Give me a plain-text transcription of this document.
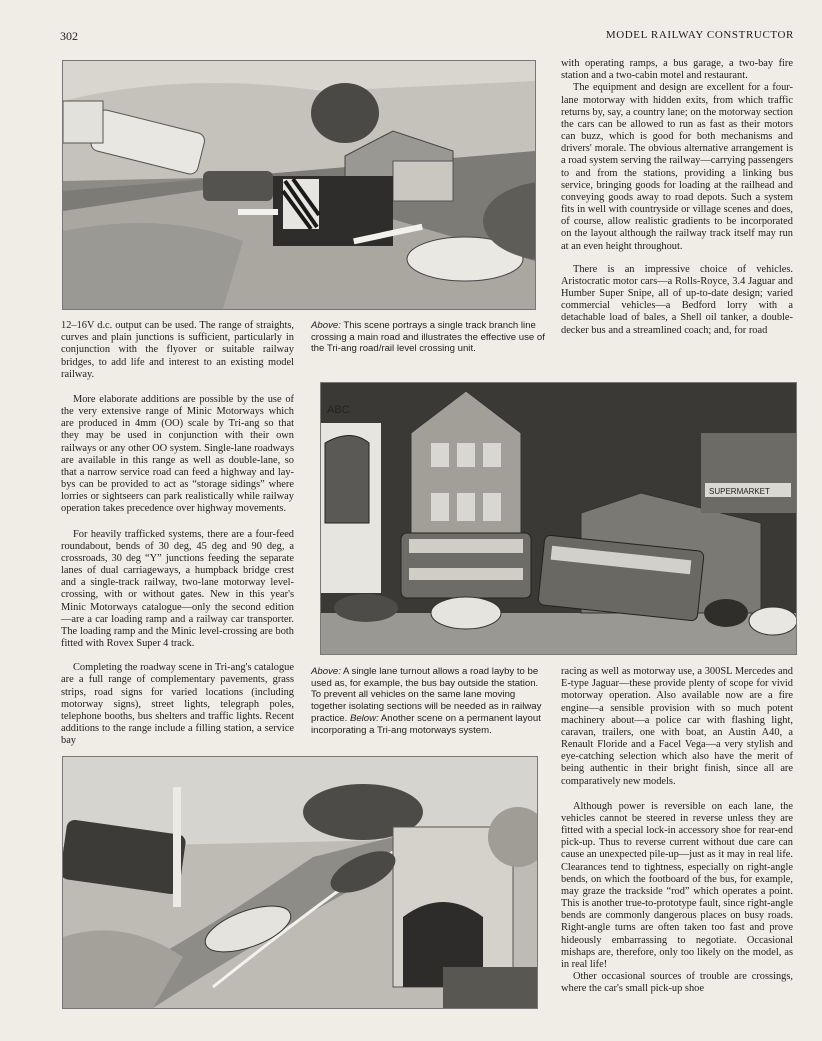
302	MODEL RAILWAY CONSTRUCTOR

with operating ramps, a bus garage, a two-bay fire station and a two-cabin motel and restaurant.

The equipment and design are excellent for a four-lane motorway with hidden exits, from which traffic returns by, say, a country lane; on the motorway section the cars can be allowed to run as fast as their motors can buzz, which is good for both mechanisms and drivers' morale. The obvious alternative arrangement is a road system serving the railway—carrying passengers to and from the stations, providing a linking bus service, bringing goods for loading at the railhead and conveying goods away to road depots. Such a system fits in well with countryside or village scenes and does, of course, allow realistic gradients to be incorporated on the layout although the railway track itself may run at an even height throughout.

There is an impressive choice of vehicles. Aristocratic motor cars—a Rolls-Royce, 3.4 Jaguar and Humber Super Snipe, all of up-to-date design; varied commercial vehicles—a Bedford lorry with a detachable load of bales, a Shell oil tanker, a double-decker bus and a streamlined coach; and, for road

Above: This scene portrays a single track branch line crossing a main road and illustrates the effective use of the Tri-ang road/rail level crossing unit.

12–16V d.c. output can be used. The range of straights, curves and plain junctions is sufficient, particularly in conjunction with the flyover or suitable railway bridges, to add life and interest to an existing model railway.

More elaborate additions are possible by the use of the very extensive range of Minic Motorways which are produced in 4mm (OO) scale by Tri-ang so that they may be used in conjunction with their own railways or any other OO system. Single-lane roadways are available in this range as well as double-lane, so that a narrow service road can feed a highway and lay-bys can be provided to act as “storage sidings” where lorries or sightseers can park realistically while railway operation takes precedence over highway movements.

For heavily trafficked systems, there are a four-feed roundabout, bends of 30 deg, 45 deg and 90 deg, a crossroads, 30 deg “Y” junctions feeding the separate lanes of dual carriageways, a humpback bridge crest and a single-track railway, two-lane motorway level-crossing, with or without gates. New in this year's Minic Motorways catalogue—only the second edition—are a car loading ramp and a railway car transporter. The loading ramp and the Minic level-crossing are both fitted with Rovex Super 4 track.

Completing the roadway scene in Tri-ang's catalogue are a full range of complementary pavements, grass strips, road signs for varied locations (including motorway signs), street lights, telegraph poles, telephone booths, bus shelters and traffic lights. Recent additions to the range include a filling station, a service bay

ABC
SUPERMARKET
Above: A single lane turnout allows a road layby to be used as, for example, the bus bay outside the station. To prevent all vehicles on the same lane moving together isolating sections will be needed as in railway practice. Below: Another scene on a permanent layout incorporating a Tri-ang motorways system.

racing as well as motorway use, a 300SL Mercedes and E-type Jaguar—these provide plenty of scope for vivid motorway operation. Also available now are a fire engine—a sensible provision with so much potent machinery about—a police car with flashing light, caravan, trailers, one with boat, an Austin A40, a Renault Floride and a Facel Vega—a very stylish and eye-catching selection which also have the merit of being authentic in their bright finish, since all are comparatively new models.

Although power is reversible on each lane, the vehicles cannot be steered in reverse unless they are fitted with a special lock-in accessory shoe for rear-end pick-up. Thus to reverse current without due care can cause an unexpected pile-up—just as it may in real life. Clearances tend to tightness, especially on right-angle bends, on which the footboard of the bus, for example, may graze the trackside “rod” which operates a point. This is another true-to-prototype fault, since right-angle bends are commonly dangerous places on busy roads. Right-angle turns are often taken too fast and prove hideously embarrassing to negotiate. Occasional mishaps are, therefore, only too likely on the model, as in real life!

Other occasional sources of trouble are crossings, where the car's small pick-up shoe
